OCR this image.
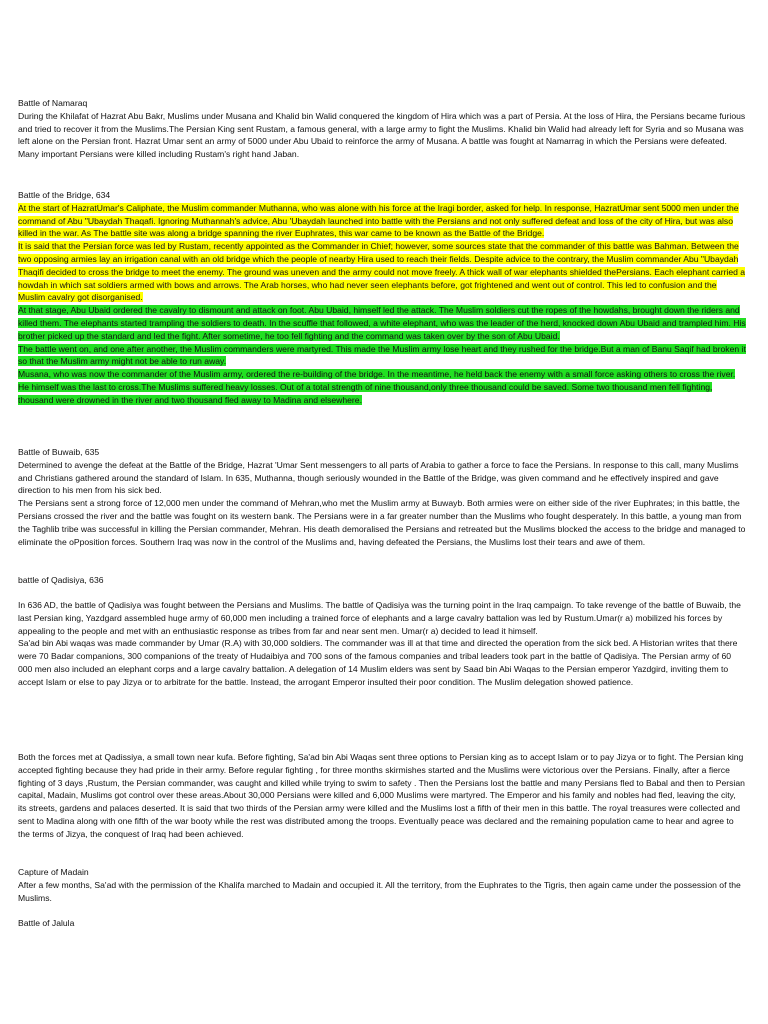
Battle of Namaraq

During the Khilafat of Hazrat Abu Bakr, Muslims under Musana and Khalid bin Walid conquered the kingdom of Hira which was a part of Persia. At the loss of Hira, the Persians became furious and tried to recover it from the Muslims.The Persian King sent Rustam, a famous general, with a large army to fight the Muslims. Khalid bin Walid had already left for Syria and so Musana was left alone on the Persian front. Hazrat Umar sent an army of 5000 under Abu Ubaid to reinforce the army of Musana. A battle was fought at Namarrag in which the Persians were defeated. Many important Persians were killed including Rustam's right hand Jaban.

Battle of the Bridge, 634

At the start of HazratUmar's Caliphate, the Muslim commander Muthanna, who was alone with his force at the Iragi border, asked for help. In response, HazratUmar sent 5000 men under the command of Abu "Ubaydah Thaqafi. Ignoring Muthannah's advice, Abu 'Ubaydah launched into battle with the Persians and not only suffered defeat and loss of the city of Hira, but was also killed in the war. As The battle site was along a bridge spanning the river Euphrates, this war came to be known as the Battle of the Bridge.

It is said that the Persian force was led by Rustam, recently appointed as the Commander in Chief; however, some sources state that the commander of this battle was Bahman. Between the two opposing armies lay an irrigation canal with an old bridge which the people of nearby Hira used to reach their fields. Despite advice to the contrary, the Muslim commander Abu "Ubaydah Thaqifi decided to cross the bridge to meet the enemy. The ground was uneven and the army could not move freely. A thick wall of war elephants shielded thePersians. Each elephant carried a howdah in which sat soldiers armed with bows and arrows. The Arab horses, who had never seen elephants before, got frightened and went out of control. This led to confusion and the Muslim cavalry got disorganised.

At that stage, Abu Ubaid ordered the cavalry to dismount and attack on foot. Abu Ubaid, himself led the attack. The Muslim soldiers cut the ropes of the howdahs, brought down the riders and killed them. The elephants started trampling the soldiers to death. In the scuffle that followed, a white elephant, who was the leader of the herd, knocked down Abu Ubaid and trampled him. His brother picked up the standard and led the fight. After sometime, he too fell fighting and the command was taken over by the son of Abu Ubaid.

The battle went on, and one after another, the Muslim commanders were martyred. This made the Muslim army lose heart and they rushed for the bridge.But a man of Banu Saqif had broken it so that the Muslim army might not be able to run away.

Musana, who was now the commander of the Muslim army, ordered the re-building of the bridge. In the meantime, he held back the enemy with a small force asking others to cross the river. He himself was the last to cross.The Muslims suffered heavy losses. Out of a total strength of nine thousand,only three thousand could be saved. Some two thousand men fell fighting, thousand were drowned in the river and two thousand fled away to Madina and elsewhere.

Battle of Buwaib, 635

Determined to avenge the defeat at the Battle of the Bridge, Hazrat 'Umar Sent messengers to all parts of Arabia to gather a force to face the Persians. In response to this call, many Muslims and Christians gathered around the standard of Islam. In 635, Muthanna, though seriously wounded in the Battle of the Bridge, was given command and he effectively inspired and gave direction to his men from his sick bed.

The Persians sent a strong force of 12,000 men under the command of Mehran,who met the Muslim army at Buwayb. Both armies were on either side of the river Euphrates; in this battle, the Persians crossed the river and the battle was fought on its western bank. The Persians were in a far greater number than the Muslims who fought desperately. In this battle, a young man from the Taghlib tribe was successful in killing the Persian commander, Mehran. His death demoralised the Persians and retreated but the Muslims blocked the access to the bridge and managed to eliminate the oPposition forces. Southern Iraq was now in the control of the Muslims and, having defeated the Persians, the Muslims lost their tears and awe of them.

battle of Qadisiya, 636

In 636 AD, the battle of Qadisiya was fought between the Persians and Muslims. The battle of Qadisiya was the turning point in the Iraq campaign. To take revenge of the battle of Buwaib, the last Persian king, Yazdgard assembled huge army of 60,000 men including a trained force of elephants and a large cavalry battalion was led by Rustum.Umar(r a) mobilized his forces by appealing to the people and met with an enthusiastic response as tribes from far and near sent men. Umar(r a) decided to lead it himself.

Sa'ad bin Abi waqas was made commander by Umar (R.A) with 30,000 soldiers. The commander was ill at that time and directed the operation from the sick bed. A Historian writes that there were 70 Badar companions, 300 companions of the treaty of Hudaibiya and 700 sons of the famous companies and tribal leaders took part in the battle of Qadisiya. The Persian army of 60 000 men also included an elephant corps and a large cavalry battalion. A delegation of 14 Muslim elders was sent by Saad bin Abi Waqas to the Persian emperor Yazdgird, inviting them to accept Islam or else to pay Jizya or to arbitrate for the battle. Instead, the arrogant Emperor insulted their poor condition. The Muslim delegation showed patience.

Both the forces met at Qadissiya, a small town near kufa. Before fighting, Sa'ad bin Abi Waqas sent three options to Persian king as to accept Islam or to pay Jizya or to fight. The Persian king accepted fighting because they had pride in their army. Before regular fighting , for three months skirmishes started and the Muslims were victorious over the Persians. Finally, after a fierce fighting of 3 days ,Rustum, the Persian commander, was caught and killed while trying to swim to safety . Then the Persians lost the battle and many Persians fled to Babal and then to Persian capital, Madain, Muslims got control over these areas.About 30,000 Persians were killed and 6,000 Muslims were martyred. The Emperor and his family and nobles had fled, leaving the city, its streets, gardens and palaces deserted. It is said that two thirds of the Persian army were killed and the Muslims lost a fifth of their men in this battle. The royal treasures were collected and sent to Madina along with one fifth of the war booty while the rest was distributed among the troops. Eventually peace was declared and the remaining population came to hear and agree to the terms of Jizya, the conquest of Iraq had been achieved.

Capture of Madain

After a few months, Sa'ad with the permission of the Khalifa marched to Madain and occupied it. All the territory, from the Euphrates to the Tigris, then again came under the possession of the Muslims.

Battle of Jalula
